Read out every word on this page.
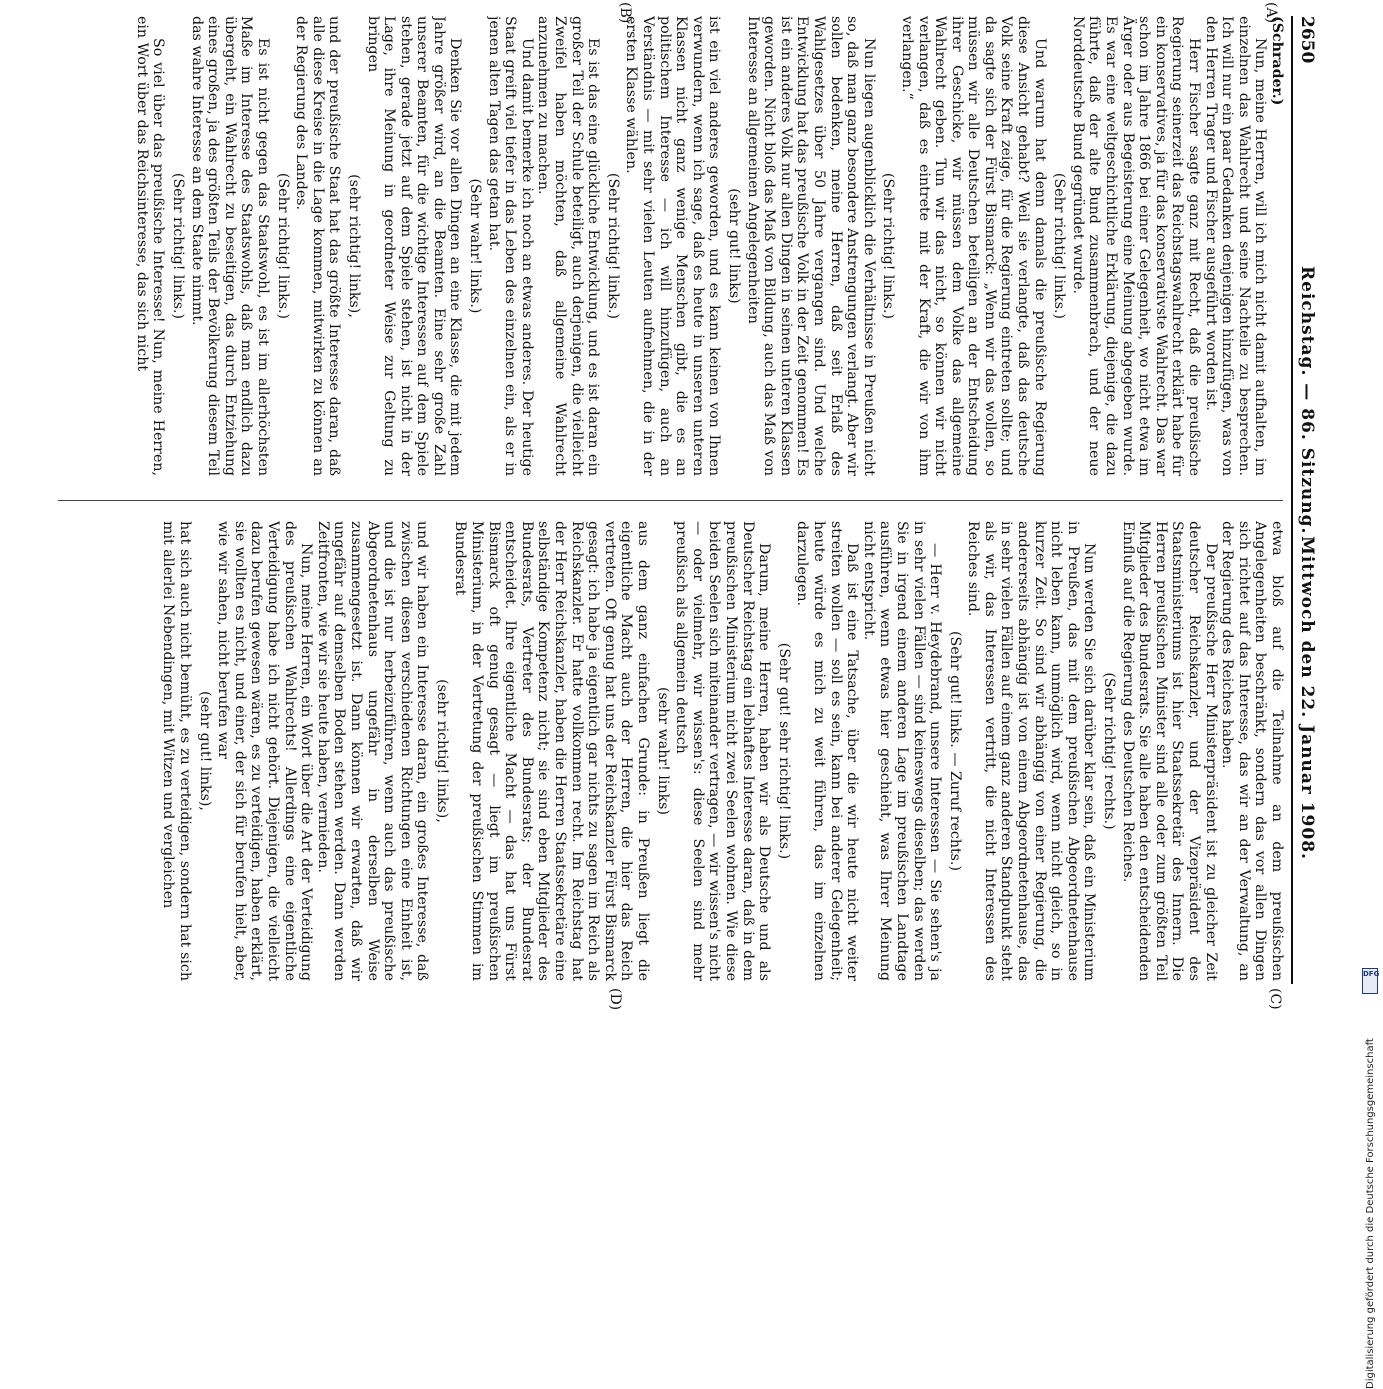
2650
Reichstag. — 86. Sitzung.
Mittwoch den 22. Januar 1908.
(A)
(B)
(C)
(D)

(Schrader.)

Nun, meine Herren, will ich mich nicht damit aufhalten, im einzelnen das Wahlrecht und seine Nachteile zu besprechen. Ich will nur ein paar Gedanken denjenigen hinzufügen, was von den Herren Trager und Fischer ausgeführt worden ist.

Herr Fischer sagte ganz mit Recht, daß die preußische Regierung seinerzeit das Reichstagswahlrecht erklärt habe für ein konservatives, ja für das konservativste Wahlrecht. Das war schon im Jahre 1866 bei einer Gelegenheit, wo nicht etwa im Ärger oder aus Begeisterung eine Meinung abgegeben wurde. Es war eine weltgeschichtliche Erklärung, diejenige, die dazu führte, daß der alte Bund zusammenbrach, und der neue Norddeutsche Bund gegründet wurde.

(Sehr richtig! links.)

Und warum hat denn damals die preußische Regierung diese Ansicht gehabt? Weil sie verlangte, daß das deutsche Volk seine Kraft zeige, für die Regierung eintreten sollte; und da sagte sich der Fürst Bismarck: „Wenn wir das wollen, so müssen wir alle Deutschen beteiligen an der Entscheidung ihrer Geschicke, wir müssen dem Volke das allgemeine Wahlrecht geben. Tun wir das nicht, so können wir nicht verlangen, daß es eintrete mit der Kraft, die wir von ihm verlangen.“

(Sehr richtig! links.)

Nun liegen augenblicklich die Verhältnisse in Preußen nicht so, daß man ganz besondere Anstrengungen verlangt. Aber wir sollen bedenken, meine Herren, daß seit Erlaß des Wahlgesetzes über 50 Jahre vergangen sind. Und welche Entwicklung hat das preußische Volk in der Zeit genommen! Es ist ein anderes Volk nur allen Dingen in seinen unteren Klassen geworden. Nicht bloß das Maß von Bildung, auch das Maß von Interesse an allgemeinen Angelegenheiten

(sehr gut! links)

ist ein viel anderes geworden, und es kann keinen von Ihnen verwundern, wenn ich sage, daß es heute in unseren unteren Klassen nicht ganz wenige Menschen gibt, die es an politischem Interesse — ich will hinzufügen, auch an Verständnis — mit sehr vielen Leuten aufnehmen, die in der ersten Klasse wählen.

(Sehr richtig! links.)

Es ist das eine glückliche Entwicklung, und es ist daran ein großer Teil der Schule beteiligt, auch derjenigen, die vielleicht Zweifel haben möchten, daß allgemeine Wahlrecht anzunehmen zu machen.

Und damit bemerke ich noch an etwas anderes. Der heutige Staat greift viel tiefer in das Leben des einzelnen ein, als er in jenen alten Tagen das getan hat.

(Sehr wahr! links.)

Denken Sie vor allen Dingen an eine Klasse, die mit jedem Jahre größer wird, an die Beamten. Eine sehr große Zahl unserer Beamten, für die wichtige Interessen auf dem Spiele stehen, gerade jetzt auf dem Spiele stehen, ist nicht in der Lage, ihre Meinung in geordneter Weise zur Geltung zu bringen

(sehr richtig! links),

und der preußische Staat hat das größte Interesse daran, daß alle diese Kreise in die Lage kommen, mitwirken zu können an der Regierung des Landes.

(Sehr richtig! links.)

Es ist nicht gegen das Staatswohl, es ist im allerhöchsten Maße im Interesse des Staatswohls, daß man endlich dazu übergeht, ein Wahlrecht zu beseitigen, das durch Entziehung eines großen, ja des größten Teils der Bevölkerung diesem Teil das wahre Interesse an dem Staate nimmt.

(Sehr richtig! links.)

So viel über das preußische Interesse! Nun, meine Herren, ein Wort über das Reichsinteresse, das sich nicht

etwa bloß auf die Teilnahme an dem preußischen Angelegenheiten beschränkt, sondern das vor allen Dingen sich richtet auf das Interesse, das wir an der Verwaltung, an der Regierung des Reiches haben.

Der preußische Herr Ministerpräsident ist zu gleicher Zeit deutscher Reichskanzler, und der Vizepräsident des Staatsministeriums ist hier Staatssekretär des Innern. Die Herren preußischen Minister sind alle oder zum größten Teil Mitglieder des Bundesrats. Sie alle haben den entscheidenden Einfluß auf die Regierung des Deutschen Reiches.

(Sehr richtig! rechts.)

Nun werden Sie sich darüber klar sein, daß ein Ministerium in Preußen, das mit dem preußischen Abgeordnetenhause nicht leben kann, unmöglich wird, wenn nicht gleich, so in kurzer Zeit. So sind wir abhängig von einer Regierung, die andererseits abhängig ist von einem Abgeordnetenhause, das in sehr vielen Fällen auf einem ganz anderen Standpunkt steht als wir, das Interessen vertritt, die nicht Interessen des Reiches sind.

(Sehr gut! links. — Zuruf rechts.)

— Herr v. Heydebrand, unsere Interessen — Sie sehen's ja in sehr vielen Fällen — sind keineswegs dieselben; das werden Sie in irgend einem anderen Lage im preußischen Landtage ausführen, wenn etwas hier geschieht, was Ihrer Meinung nicht entspricht.

Daß ist eine Tatsache, über die wir heute nicht weiter streiten wollen — soll es sein, kann bei anderer Gelegenheit; heute würde es mich zu weit führen, das im einzelnen darzulegen.

(Sehr gut! sehr richtig! links.)

Darum, meine Herren, haben wir als Deutsche und als Deutscher Reichstag ein lebhaftes Interesse daran, daß in dem preußischen Ministerium nicht zwei Seelen wohnen. Wie diese beiden Seelen sich miteinander vertragen, — wir wissen's nicht — oder vielmehr, wir wissen's: diese Seelen sind mehr preußisch als allgemein deutsch

(sehr wahr! links)

aus dem ganz einfachen Grunde: in Preußen liegt die eigentliche Macht auch der Herren, die hier das Reich vertreten. Oft genug hat uns der Reichskanzler Fürst Bismarck gesagt: ich habe ja eigentlich gar nichts zu sagen im Reich als Reichskanzler. Er hatte vollkommen recht. Im Reichstag hat der Herr Reichskanzler, haben die Herren Staatssekretäre eine selbständige Kompetenz nicht; sie sind eben Mitglieder des Bundesrats, Vertreter des Bundesrats; der Bundesrat entscheidet. Ihre eigentliche Macht — das hat uns Fürst Bismarck oft genug gesagt — liegt im preußischen Ministerium, in der Vertretung der preußischen Stimmen im Bundesrat

(sehr richtig! links),

und wir haben ein Interesse daran, ein großes Interesse, daß zwischen diesen verschiedenen Richtungen eine Einheit ist, und die ist nur herbeizuführen, wenn auch das preußische Abgeordnetenhaus ungefähr in derselben Weise zusammengesetzt ist. Dann können wir erwarten, daß wir ungefähr auf demselben Boden stehen werden. Dann werden Zeitfronten, wie wir sie heute haben, vermieden.

Nun, meine Herren, ein Wort über die Art der Verteidigung des preußischen Wahlrechts! Allerdings eine eigentliche Verteidigung habe ich nicht gehört. Diejenigen, die vielleicht dazu berufen gewesen wären, es zu verteidigen, haben erklärt, sie wollten es nicht, und einer, der sich für berufen hielt, aber, wie wir sahen, nicht berufen war

(sehr gut! links),

hat sich auch nicht bemüht, es zu verteidigen, sondern hat sich mit allerlei Nebendingen, mit Witzen und vergleichen

Digitalisierung gefördert durch die Deutsche Forschungsgemeinschaft
DFG
